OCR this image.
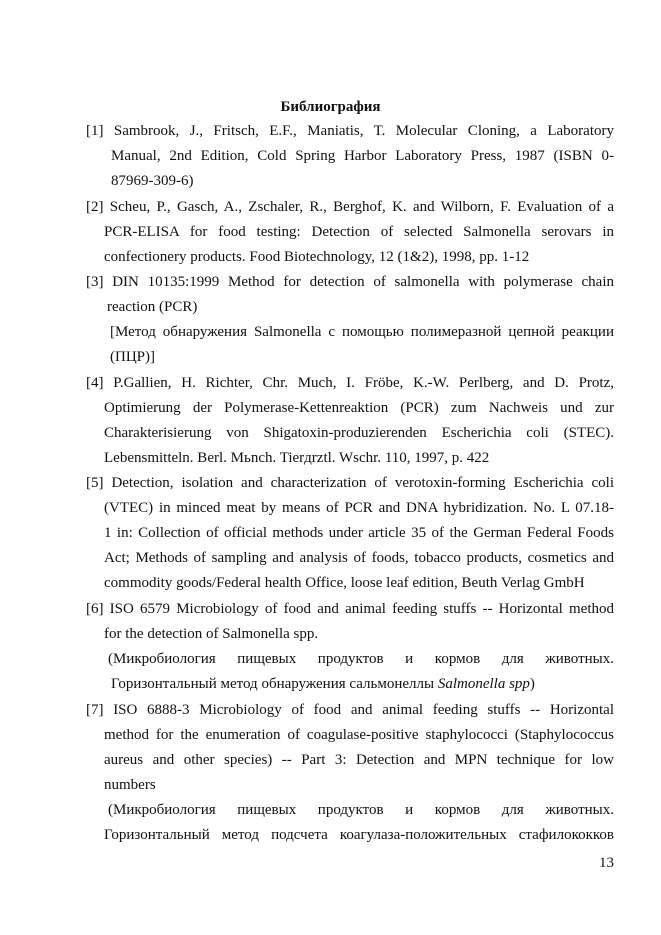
Библиография
[1] Sambrook, J., Fritsch, E.F., Maniatis, T. Molecular Cloning, a Laboratory
Manual, 2nd Edition, Cold Spring Harbor Laboratory Press, 1987 (ISBN 0-
87969-309-6)
[2] Scheu, P., Gasch, A., Zschaler, R., Berghof, K. and Wilborn, F. Evaluation of a
PCR-ELISA for food testing: Detection of selected Salmonella serovars in
confectionery products. Food Biotechnology, 12 (1&2), 1998, pp. 1-12
[3] DIN 10135:1999 Method for detection of salmonella with polymerase chain
reaction (PCR)
[Метод обнаружения Salmonella с помощью полимеразной цепной реакции
(ПЦР)]
[4] P.Gallien, H. Richter, Chr. Much, I. Fröbe, K.-W. Perlberg, and D. Protz,
Optimierung der Polymerase-Kettenreaktion (PCR) zum Nachweis und zur
Charakterisierung von Shigatoxin-produzierenden Escherichia coli (STEC).
Lebensmitteln. Berl. Мьnch. Tierдrztl. Wschr. 110, 1997, p. 422
[5] Detection, isolation and characterization of verotoxin-forming Escherichia coli
(VTEC) in minced meat by means of PCR and DNA hybridization. No. L 07.18-
1 in: Collection of official methods under article 35 of the German Federal Foods
Act; Methods of sampling and analysis of foods, tobacco products, cosmetics and
commodity goods/Federal health Office, loose leaf edition, Beuth Verlag GmbH
[6] ISO 6579 Microbiology of food and animal feeding stuffs -- Horizontal method
for the detection of Salmonella spp.
(Микробиология пищевых продуктов и кормов для животных.
Горизонтальный метод обнаружения сальмонеллы Salmonella spp)
[7] ISO 6888-3 Microbiology of food and animal feeding stuffs -- Horizontal
method for the enumeration of coagulase-positive staphylococci (Staphylococcus
aureus and other species) -- Part 3: Detection and MPN technique for low
numbers
(Микробиология пищевых продуктов и кормов для животных.
Горизонтальный метод подсчета коагулаза-положительных стафилококков
13
